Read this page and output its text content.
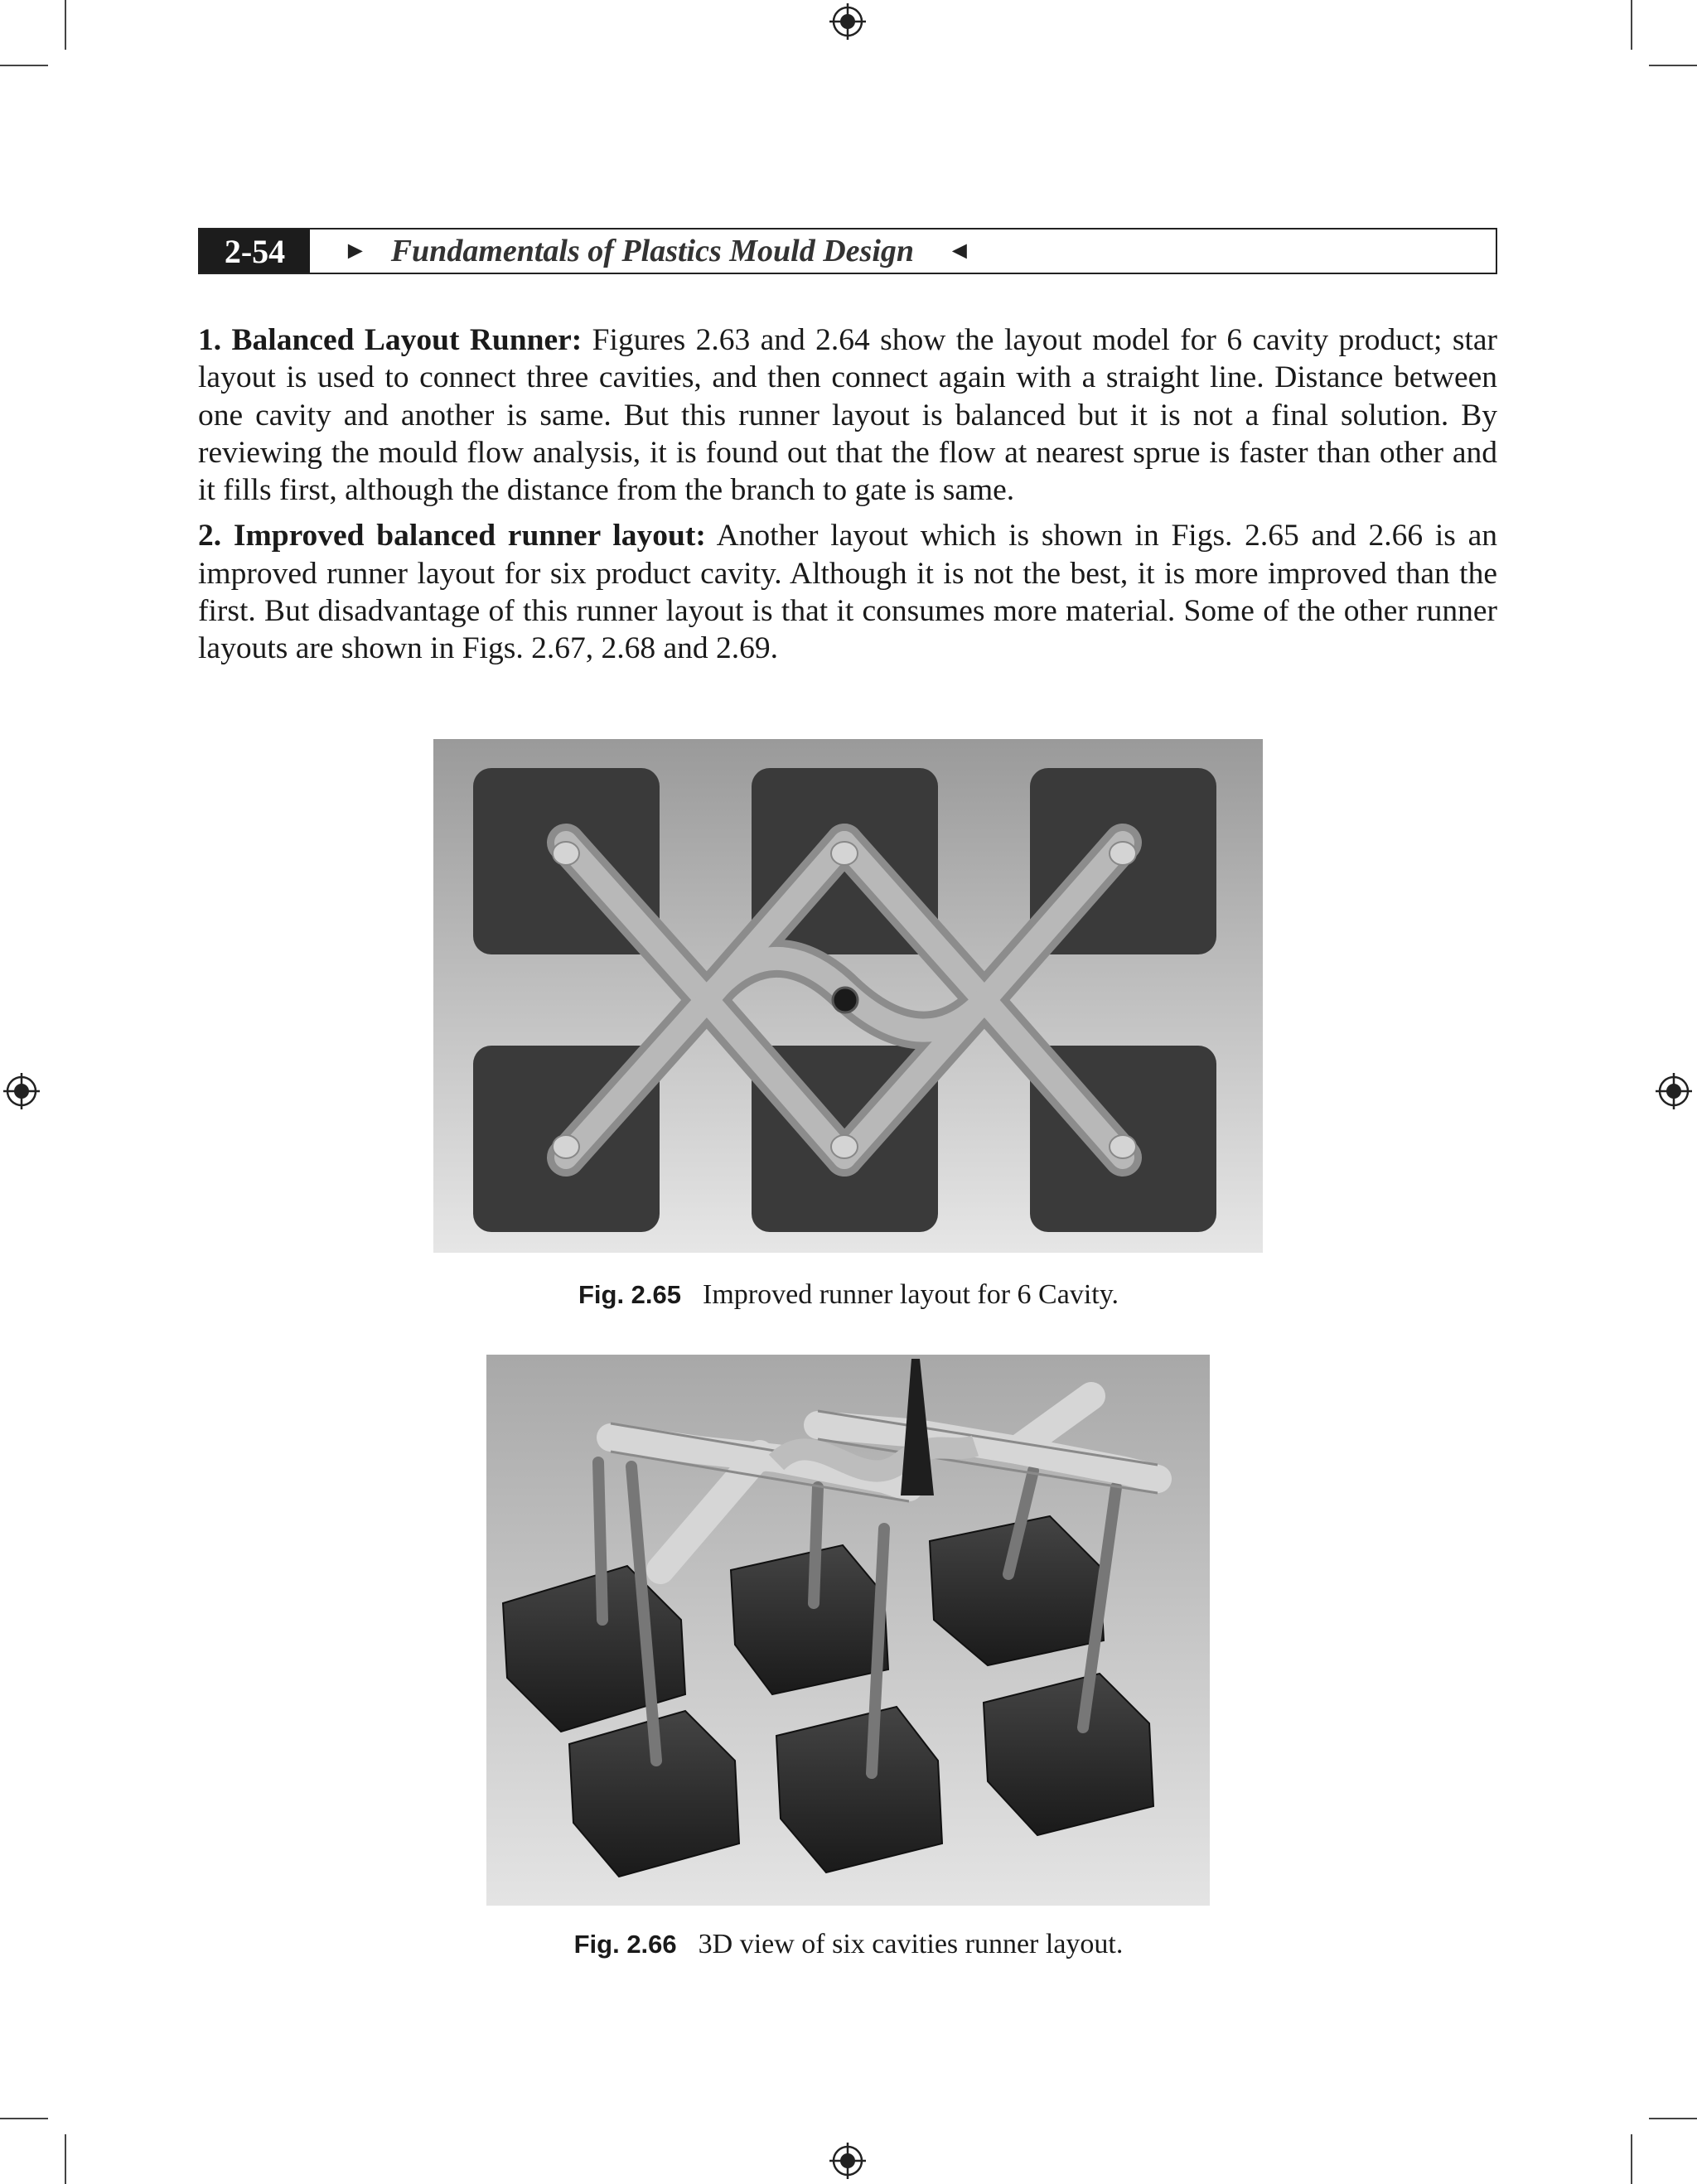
2-54	► Fundamentals of Plastics Mould Design ◄

1. Balanced Layout Runner: Figures 2.63 and 2.64 show the layout model for 6 cavity product; star layout is used to connect three cavities, and then connect again with a straight line. Distance between one cavity and another is same. But this runner layout is balanced but it is not a final solution. By reviewing the mould flow analysis, it is found out that the flow at nearest sprue is faster than other and it fills first, although the distance from the branch to gate is same.

2. Improved balanced runner layout: Another layout which is shown in Figs. 2.65 and 2.66 is an improved runner layout for six product cavity. Although it is not the best, it is more improved than the first. But disadvantage of this runner layout is that it consumes more material. Some of the other runner layouts are shown in Figs. 2.67, 2.68 and 2.69.

Fig. 2.65 Improved runner layout for 6 Cavity.
Fig. 2.66 3D view of six cavities runner layout.
